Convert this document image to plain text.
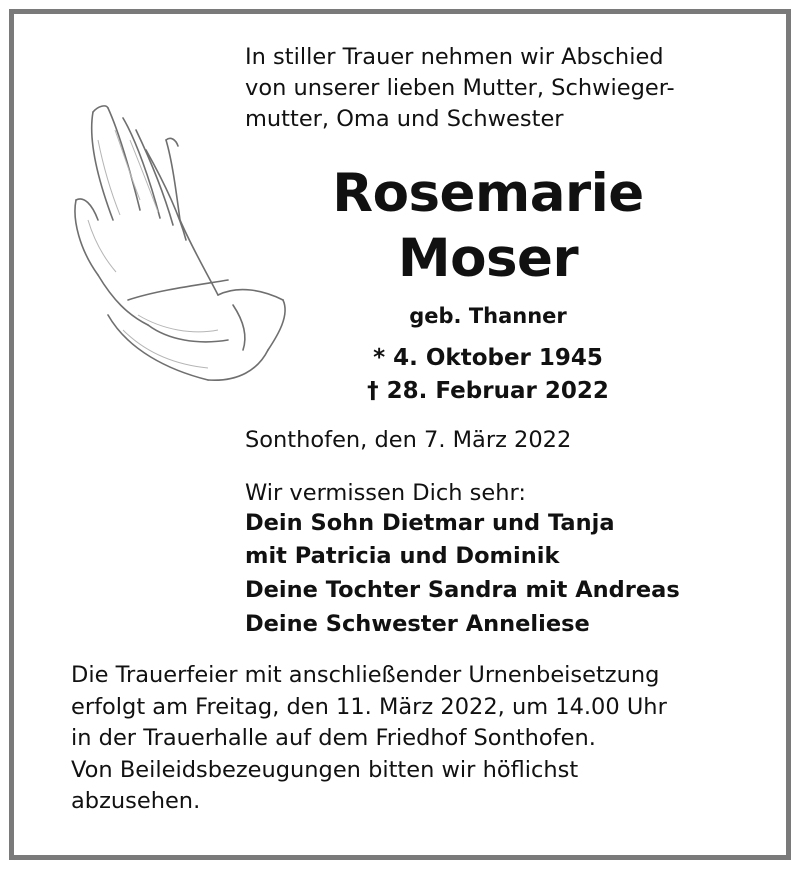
In stiller Trauer nehmen wir Abschied
von unserer lieben Mutter, Schwieger-
mutter, Oma und Schwester
Rosemarie
Moser
geb. Thanner
* 4. Oktober 1945
† 28. Februar 2022
Sonthofen, den 7. März 2022
Wir vermissen Dich sehr:
Dein Sohn Dietmar und Tanja
mit Patricia und Dominik
Deine Tochter Sandra mit Andreas
Deine Schwester Anneliese
Die Trauerfeier mit anschließender Urnenbeisetzung
erfolgt am Freitag, den 11. März 2022, um 14.00 Uhr
in der Trauerhalle auf dem Friedhof Sonthofen.
Von Beileidsbezeugungen bitten wir höflichst
abzusehen.
